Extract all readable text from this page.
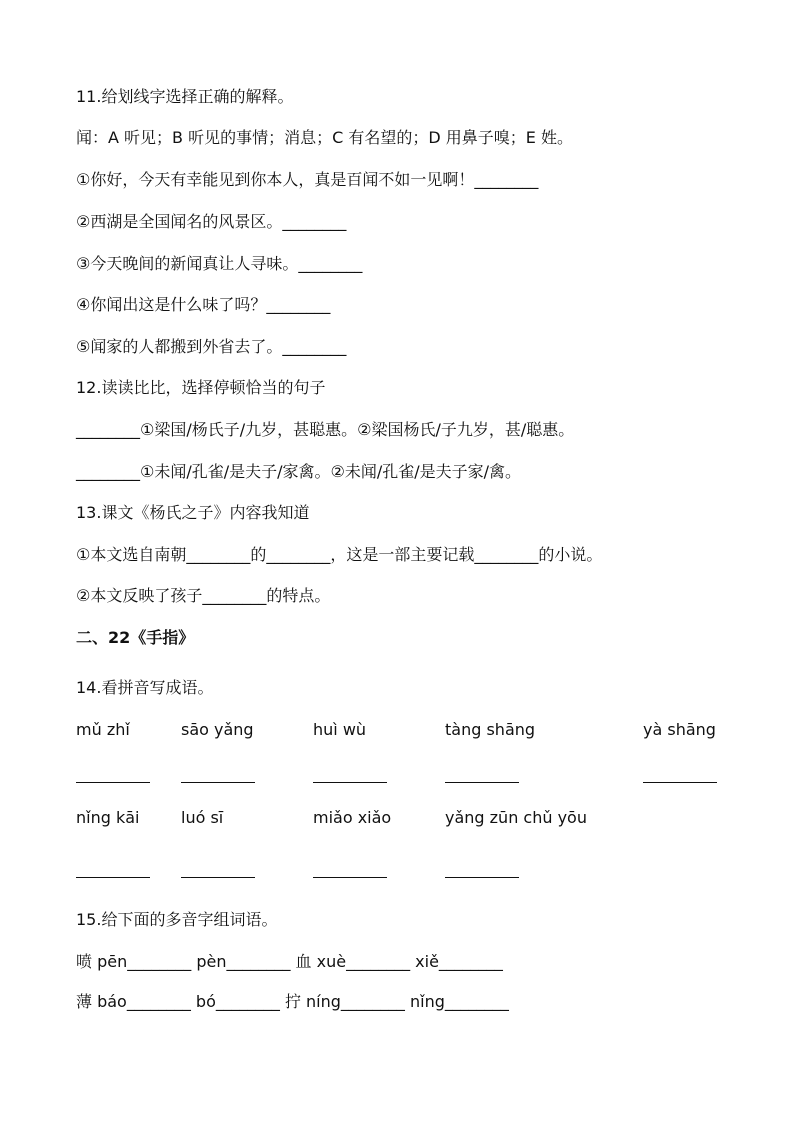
11.给划线字选择正确的解释。
闻：A 听见；B 听见的事情；消息；C 有名望的；D 用鼻子嗅；E 姓。
①你好，今天有幸能见到你本人，真是百闻不如一见啊！________
②西湖是全国闻名的风景区。________
③今天晚间的新闻真让人寻味。________
④你闻出这是什么味了吗？________
⑤闻家的人都搬到外省去了。________
12.读读比比，选择停顿恰当的句子
________①梁国/杨氏子/九岁，甚聪惠。②梁国杨氏/子九岁，甚/聪惠。
________①未闻/孔雀/是夫子/家禽。②未闻/孔雀/是夫子家/禽。
13.课文《杨氏之子》内容我知道
①本文选自南朝________的________，这是一部主要记载________的小说。
②本文反映了孩子________的特点。
二、22《手指》
14.看拼音写成语。
mǔ zhǐ	sāo yǎng	huì wù	tàng shāng	yà shāng
nǐng kāi	luó sī	miǎo xiǎo	yǎng zūn chǔ yōu
15.给下面的多音字组词语。
喷 pēn________ pèn________ 血 xuè________ xiě________
薄 báo________ bó________ 拧 níng________ nǐng________
